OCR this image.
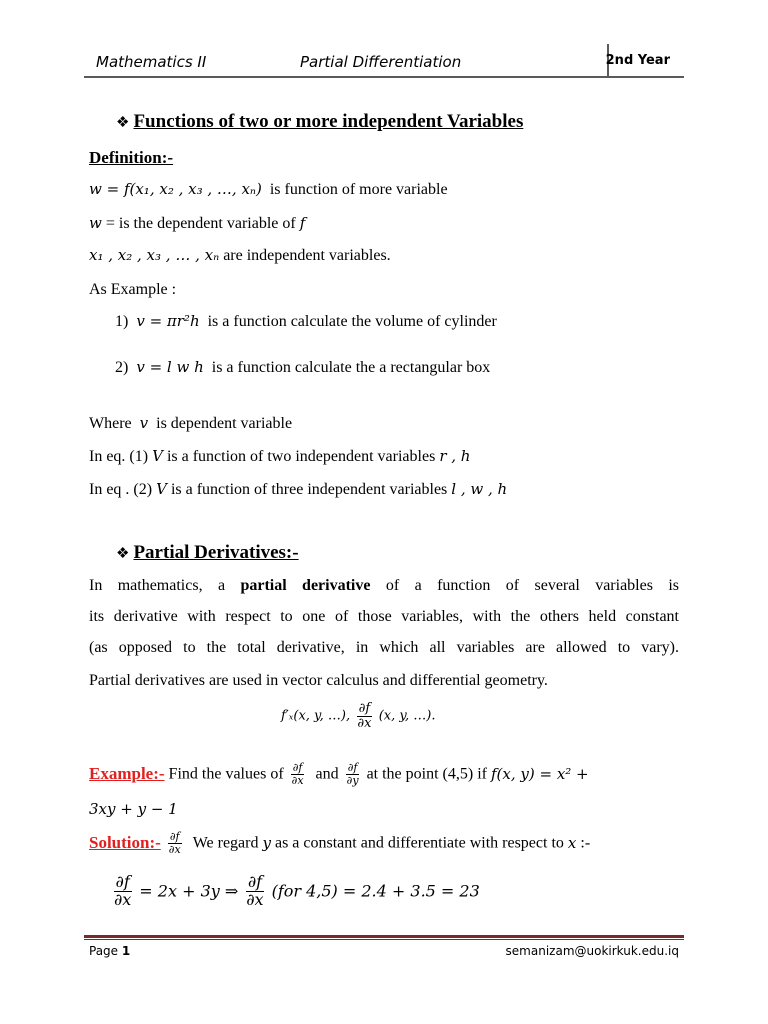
Mathematics II	Partial Differentiation	2nd Year
❖ Functions of two or more independent Variables
Definition:-
w = f(x₁, x₂ , x₃ , …, xₙ) is function of more variable
w = is the dependent variable of f
x₁ , x₂ , x₃ , … , xₙ are independent variables.
As Example :
1) v = πr²h is a function calculate the volume of cylinder
2) v = l w h is a function calculate the a rectangular box
Where v is dependent variable
In eq. (1) V is a function of two independent variables r , h
In eq . (2) V is a function of three independent variables l , w , h
❖ Partial Derivatives:-
In mathematics, a partial derivative of a function of several variables is
its derivative with respect to one of those variables, with the others held constant
(as opposed to the total derivative, in which all variables are allowed to vary).
Partial derivatives are used in vector calculus and differential geometry.
f′ₓ(x, y, …), $\frac{\partial f}{\partial x} (x$, y, …).
Example:- Find the values of $\frac{\partial f}{\partial x}$ and $\frac{\partial f}{\partial y}$ at the point (4,5) if f(x, y) = x² +
3xy + y − 1
Solution:- $\frac{\partial f}{\partial x}$ We regard y as a constant and differentiate with respect to x :-
$\frac{\partial f}{\partial x} = 2x + 3y$ ⇒ $\frac{\partial f}{\partial x} (for$ 4,5) = 2.4 + 3.5 = 23
Page 1	semanizam@uokirkuk.edu.iq
